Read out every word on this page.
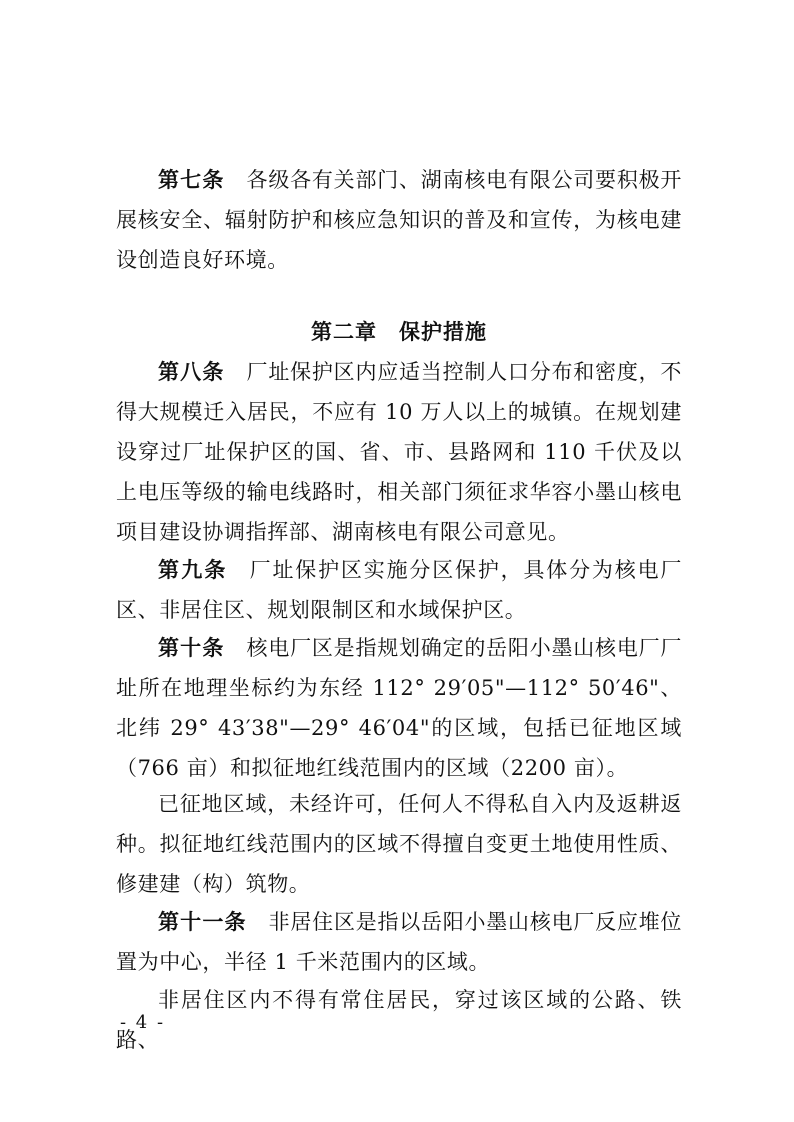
第七条 各级各有关部门、湖南核电有限公司要积极开展核安全、辐射防护和核应急知识的普及和宣传，为核电建设创造良好环境。

第二章 保护措施

第八条 厂址保护区内应适当控制人口分布和密度，不得大规模迁入居民，不应有 10 万人以上的城镇。在规划建设穿过厂址保护区的国、省、市、县路网和 110 千伏及以上电压等级的输电线路时，相关部门须征求华容小墨山核电项目建设协调指挥部、湖南核电有限公司意见。

第九条 厂址保护区实施分区保护，具体分为核电厂区、非居住区、规划限制区和水域保护区。

第十条 核电厂区是指规划确定的岳阳小墨山核电厂厂址所在地理坐标约为东经 112° 29′05"—112° 50′46"、北纬 29° 43′38"—29° 46′04"的区域，包括已征地区域（766 亩）和拟征地红线范围内的区域（2200 亩）。

已征地区域，未经许可，任何人不得私自入内及返耕返种。拟征地红线范围内的区域不得擅自变更土地使用性质、修建建（构）筑物。

第十一条 非居住区是指以岳阳小墨山核电厂反应堆位置为中心，半径 1 千米范围内的区域。

非居住区内不得有常住居民，穿过该区域的公路、铁路、

- 4 -
